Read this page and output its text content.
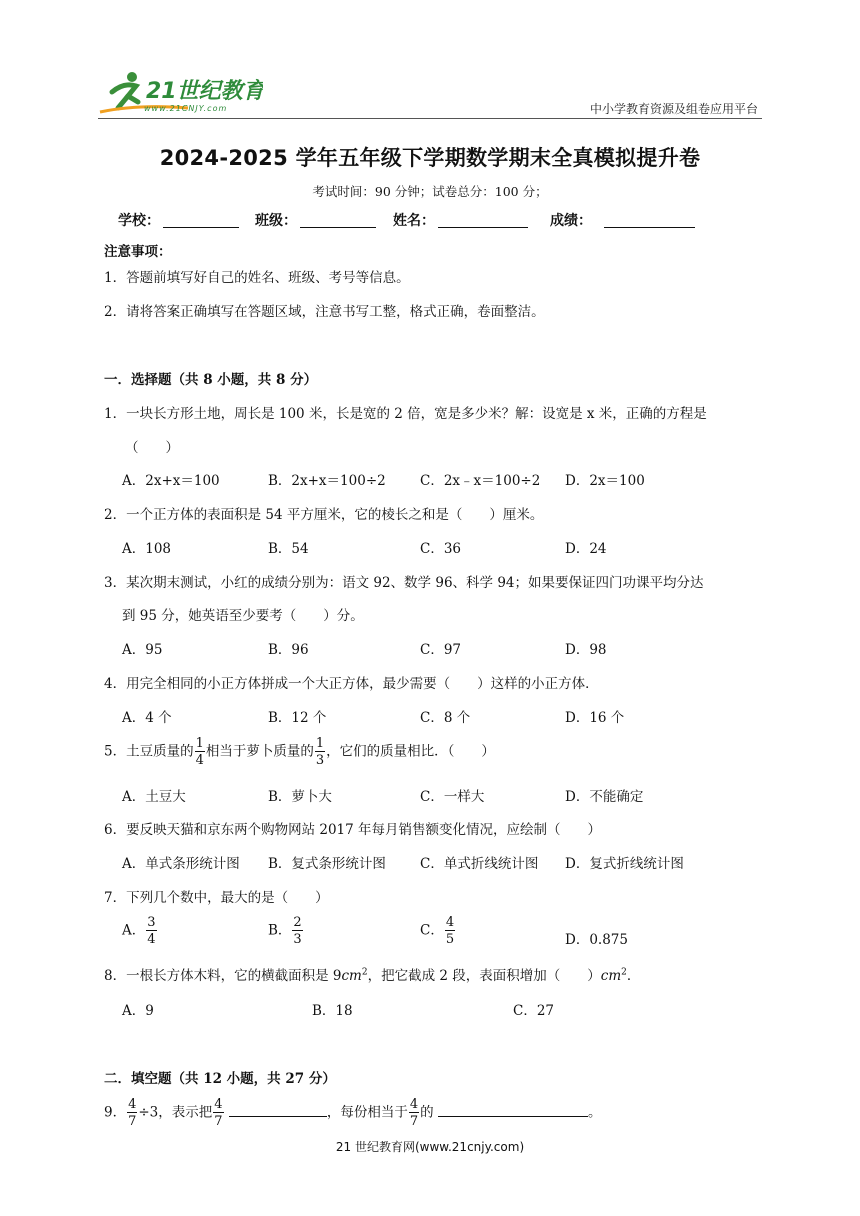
21世纪教育
www.21CNJY.com	中小学教育资源及组卷应用平台
2024-2025 学年五年级下学期数学期末全真模拟提升卷
考试时间：90 分钟；试卷总分：100 分；
学校：	班级：	姓名：	成绩：
注意事项：
1．答题前填写好自己的姓名、班级、考号等信息。
2．请将答案正确填写在答题区域，注意书写工整，格式正确，卷面整洁。
一．选择题（共 8 小题，共 8 分）
1．一块长方形土地，周长是 100 米，长是宽的 2 倍，宽是多少米？解：设宽是 x 米，正确的方程是
（　　）
A．2x+x＝100	B．2x+x＝100÷2	C．2x﹣x＝100÷2 D．2x＝100
2．一个正方体的表面积是 54 平方厘米，它的棱长之和是（　　）厘米。
A．108	B．54	C．36	D．24
3．某次期末测试，小红的成绩分别为：语文 92、数学 96、科学 94；如果要保证四门功课平均分达
到 95 分，她英语至少要考（　　）分。
A．95	B．96	C．97	D．98
4．用完全相同的小正方体拼成一个大正方体，最少需要（　　）这样的小正方体．
A．4 个	B．12 个	C．8 个	D．16 个
5．土豆质量的 $\frac{1}{4}$ 相当于萝卜质量的 $\frac{1}{3}$ ，它们的质量相比．（　　）
A．土豆大	B．萝卜大	C．一样大	D．不能确定
6．要反映天猫和京东两个购物网站 2017 年每月销售额变化情况，应绘制（　　）
A．单式条形统计图 B．复式条形统计图	C．单式折线统计图 D．复式折线统计图
7．下列几个数中，最大的是（　　）
A． $\frac{3}{4}$	B． $\frac{2}{3}$	C． $\frac{4}{5}$	D．0.875
8．一根长方体木料，它的横截面积是 $9cm^2$，把它截成 2 段，表面积增加（　　）$cm^2$．
A．9	B．18	C．27
二．填空题（共 12 小题，共 27 分）
9． $\frac{4}{7} \div 3$，表示把 $\frac{4}{7}$	，每份相当于 $\frac{4}{7}$ 的	。
21 世纪教育网(www.21cnjy.com)
